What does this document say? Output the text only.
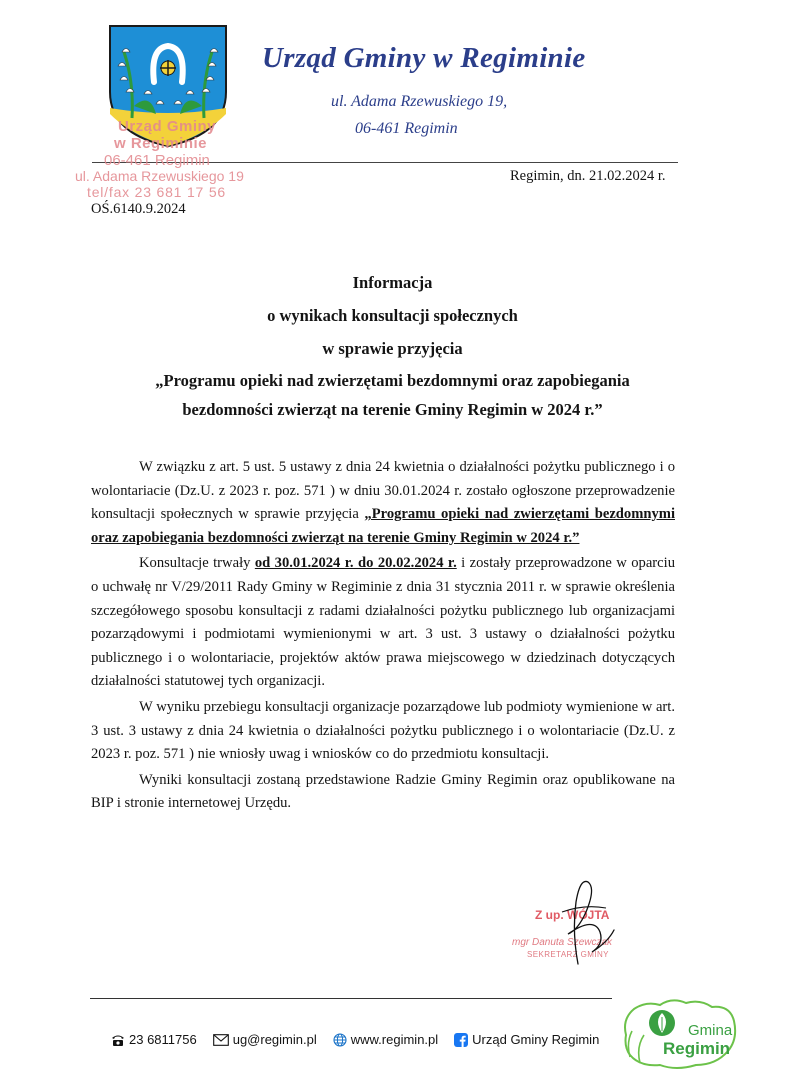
Urząd Gminy w Regiminie
ul. Adama Rzewuskiego 19,
06-461 Regimin
Urząd Gminy
w Regiminie
06-461 Regimin
ul. Adama Rzewuskiego 19
tel/fax 23 681 17 56
Regimin, dn. 21.02.2024 r.
OŚ.6140.9.2024
Informacja
o wynikach konsultacji społecznych
w sprawie przyjęcia
„Programu opieki nad zwierzętami bezdomnymi oraz zapobiegania
bezdomności zwierząt na terenie Gminy Regimin w 2024 r.”

W związku z art. 5 ust. 5 ustawy z dnia 24 kwietnia o działalności pożytku publicznego i o wolontariacie (Dz.U. z 2023 r. poz. 571 ) w dniu 30.01.2024 r. zostało ogłoszone przeprowadzenie konsultacji społecznych w sprawie przyjęcia „Programu opieki nad zwierzętami bezdomnymi oraz zapobiegania bezdomności zwierząt na terenie Gminy Regimin w 2024 r.”

Konsultacje trwały od 30.01.2024 r. do 20.02.2024 r. i zostały przeprowadzone w oparciu o uchwałę nr V/29/2011 Rady Gminy w Regiminie z dnia 31 stycznia 2011 r. w sprawie określenia szczegółowego sposobu konsultacji z radami działalności pożytku publicznego lub organizacjami pozarządowymi i podmiotami wymienionymi w art. 3 ust. 3 ustawy o działalności pożytku publicznego i o wolontariacie, projektów aktów prawa miejscowego w dziedzinach dotyczących działalności statutowej tych organizacji.

W wyniku przebiegu konsultacji organizacje pozarządowe lub podmioty wymienione w art. 3 ust. 3 ustawy z dnia 24 kwietnia o działalności pożytku publicznego i o wolontariacie (Dz.U. z 2023 r. poz. 571 ) nie wniosły uwag i wniosków co do przedmiotu konsultacji.

Wyniki konsultacji zostaną przedstawione Radzie Gminy Regimin oraz opublikowane na BIP i stronie internetowej Urzędu.

Z up. WÓJTA
mgr Danuta Szewczak
SEKRETARZ GMINY
23 6811756	ug@regimin.pl	www.regimin.pl	Urząd Gminy Regimin
Gmina
Regimin
